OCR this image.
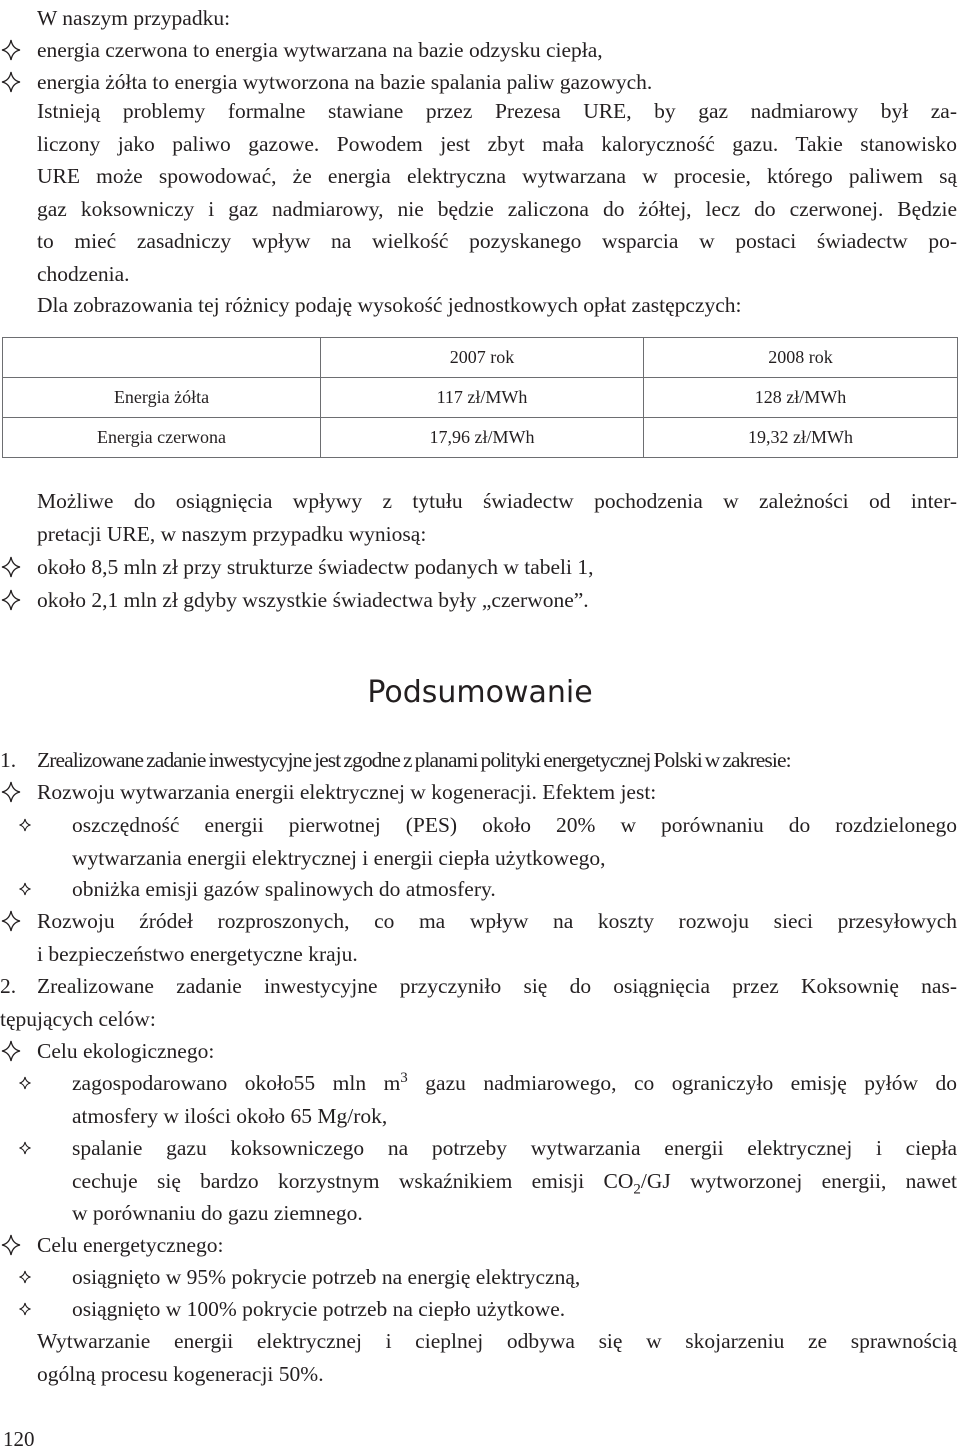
W naszym przypadku:

energia czerwona to energia wytwarzana na bazie odzysku ciepła,
energia żółta to energia wytworzona na bazie spalania paliw gazowych.
Istnieją problemy formalne stawiane przez Prezesa URE, by gaz nadmiarowy był za-
liczony jako paliwo gazowe. Powodem jest zbyt mała kaloryczność gazu. Takie stanowisko
URE może spowodować, że energia elektryczna wytwarzana w procesie, którego paliwem są
gaz koksowniczy i gaz nadmiarowy, nie będzie zaliczona do żółtej, lecz do czerwonej. Będzie
to mieć zasadniczy wpływ na wielkość pozyskanego wsparcia w postaci świadectw po-
chodzenia.

Dla zobrazowania tej różnicy podaję wysokość jednostkowych opłat zastępczych:

	2007 rok	2008 rok
Energia żółta	117 zł/MWh	128 zł/MWh
Energia czerwona	17,96 zł/MWh	19,32 zł/MWh
Możliwe do osiągnięcia wpływy z tytułu świadectw pochodzenia w zależności od inter-
pretacji URE, w naszym przypadku wyniosą:
około 8,5 mln zł przy strukturze świadectw podanych w tabeli 1,
około 2,1 mln zł gdyby wszystkie świadectwa były „czerwone”.
Podsumowanie
1. Zrealizowane zadanie inwestycyjne jest zgodne z planami polityki energetycznej Polski w zakresie:

Rozwoju wytwarzania energii elektrycznej w kogeneracji. Efektem jest:
oszczędność energii pierwotnej (PES) około 20% w porównaniu do rozdzielonego
wytwarzania energii elektrycznej i energii ciepła użytkowego,
obniżka emisji gazów spalinowych do atmosfery.
Rozwoju źródeł rozproszonych, co ma wpływ na koszty rozwoju sieci przesyłowych
i bezpieczeństwo energetyczne kraju.
2. Zrealizowane zadanie inwestycyjne przyczyniło się do osiągnięcia przez Koksownię nas-
tępujących celów:
Celu ekologicznego:
zagospodarowano około55 mln $m^3$ gazu nadmiarowego, co ograniczyło emisję pyłów do
atmosfery w ilości około 65 Mg/rok,
spalanie gazu koksowniczego na potrzeby wytwarzania energii elektrycznej i ciepła
cechuje się bardzo korzystnym wskaźnikiem emisji $CO_2/GJ$ wytworzonej energii, nawet
w porównaniu do gazu ziemnego.
Celu energetycznego:
osiągnięto w 95% pokrycie potrzeb na energię elektryczną,
osiągnięto w 100% pokrycie potrzeb na ciepło użytkowe.
Wytwarzanie energii elektrycznej i cieplnej odbywa się w skojarzeniu ze sprawnością
ogólną procesu kogeneracji 50%.
120
